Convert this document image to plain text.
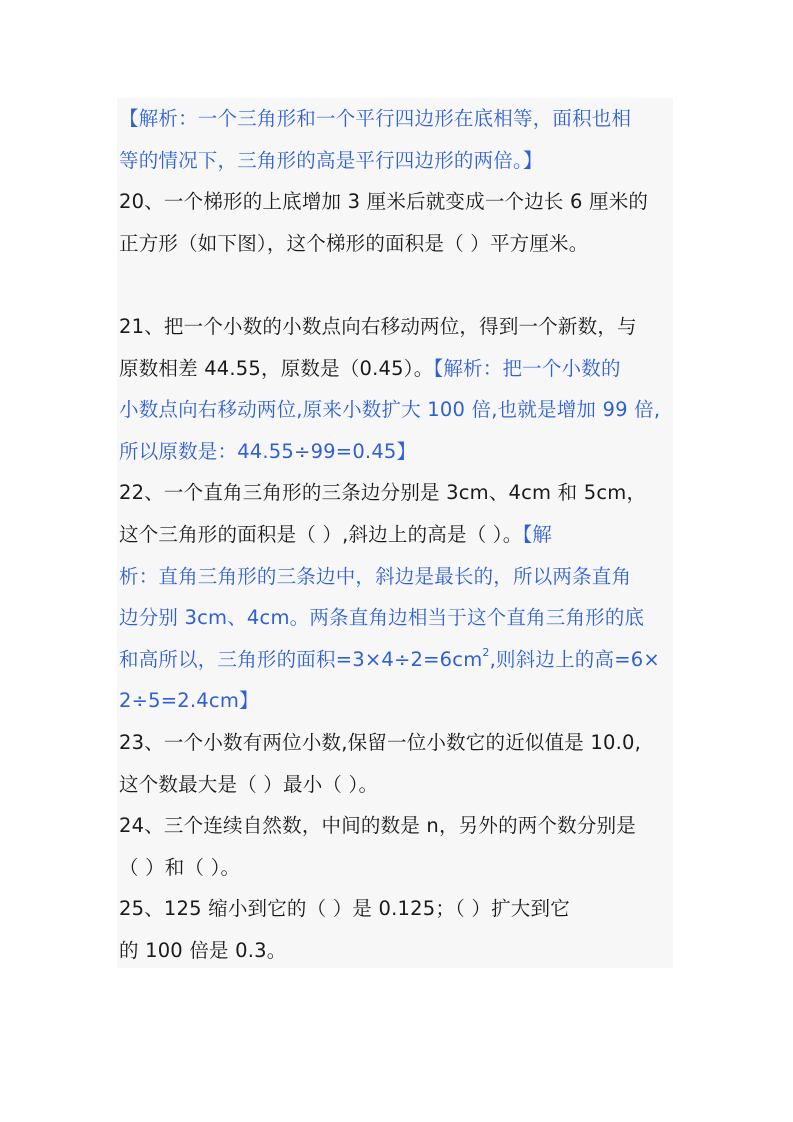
【解析：一个三角形和一个平行四边形在底相等，面积也相
等的情况下，三角形的高是平行四边形的两倍。】
20、一个梯形的上底增加 3 厘米后就变成一个边长 6 厘米的
正方形（如下图），这个梯形的面积是（ ）平方厘米。
21、把一个小数的小数点向右移动两位，得到一个新数，与
原数相差 44.55，原数是（0.45）。【解析：把一个小数的
小数点向右移动两位,原来小数扩大 100 倍,也就是增加 99 倍,
所以原数是：44.55÷99=0.45】
22、一个直角三角形的三条边分别是 3cm、4cm 和 5cm，
这个三角形的面积是（ ）,斜边上的高是（ ）。【解
析：直角三角形的三条边中，斜边是最长的，所以两条直角
边分别 3cm、4cm。两条直角边相当于这个直角三角形的底
和高所以，三角形的面积$=3\times 4\div 2=6cm^2$,则斜边上的高=6×
2÷5=2.4cm】
23、一个小数有两位小数,保留一位小数它的近似值是 10.0,
这个数最大是（ ）最小（ ）。
24、三个连续自然数，中间的数是 n，另外的两个数分别是
（ ）和（ ）。
25、125 缩小到它的（ ）是 0.125；（ ）扩大到它
的 100 倍是 0.3。
